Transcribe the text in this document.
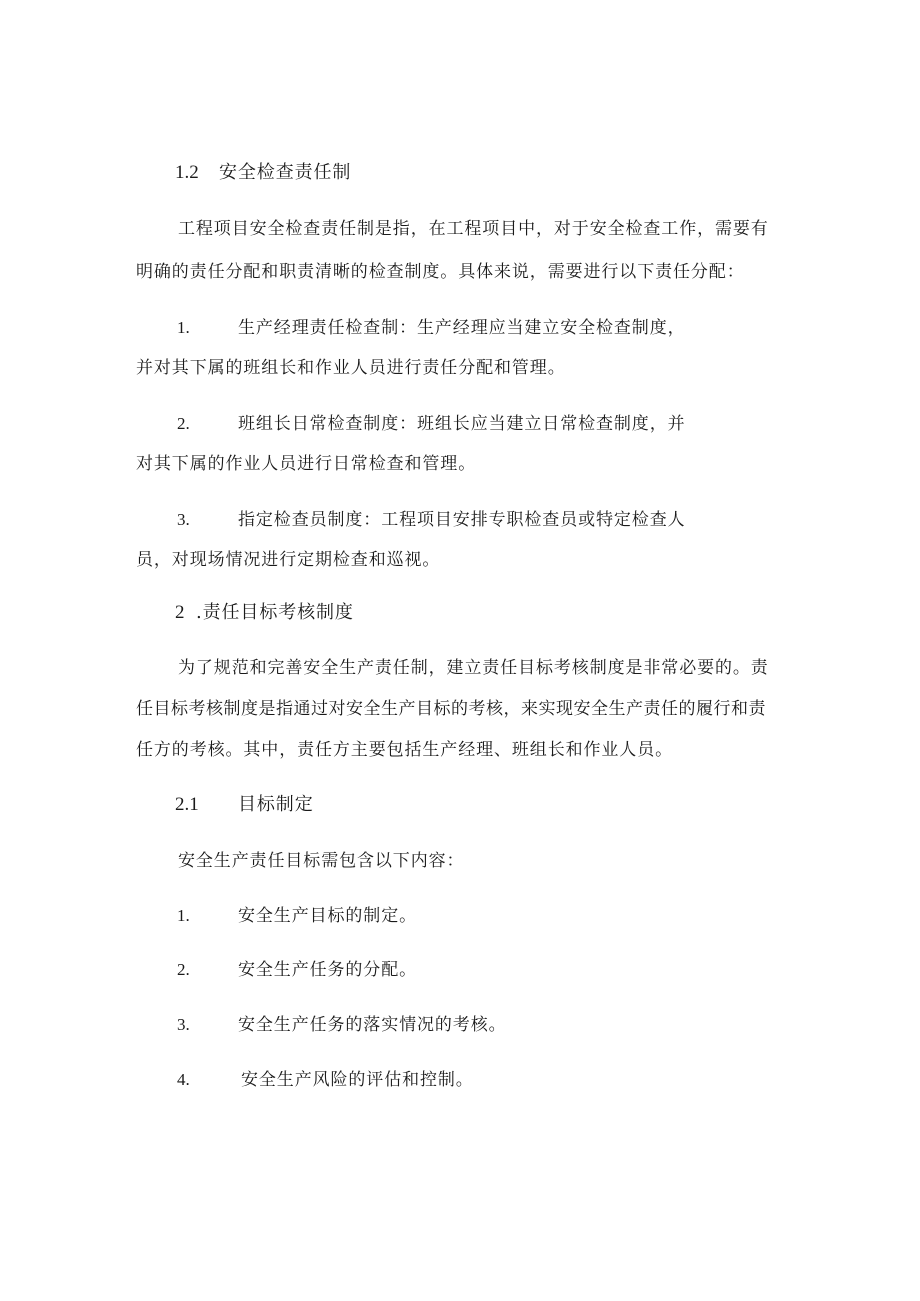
1.2 安全检查责任制
工程项目安全检查责任制是指，在工程项目中，对于安全检查工作，需要有
明确的责任分配和职责清晰的检查制度。具体来说，需要进行以下责任分配：
1.	生产经理责任检查制：生产经理应当建立安全检查制度，
并对其下属的班组长和作业人员进行责任分配和管理。
2.	班组长日常检查制度：班组长应当建立日常检查制度，并
对其下属的作业人员进行日常检查和管理。
3.	指定检查员制度：工程项目安排专职检查员或特定检查人
员，对现场情况进行定期检查和巡视。
2 .责任目标考核制度
为了规范和完善安全生产责任制，建立责任目标考核制度是非常必要的。责
任目标考核制度是指通过对安全生产目标的考核，来实现安全生产责任的履行和责
任方的考核。其中，责任方主要包括生产经理、班组长和作业人员。
2.1 目标制定
安全生产责任目标需包含以下内容：
1.	安全生产目标的制定。
2.	安全生产任务的分配。
3.	安全生产任务的落实情况的考核。
4.	安全生产风险的评估和控制。
